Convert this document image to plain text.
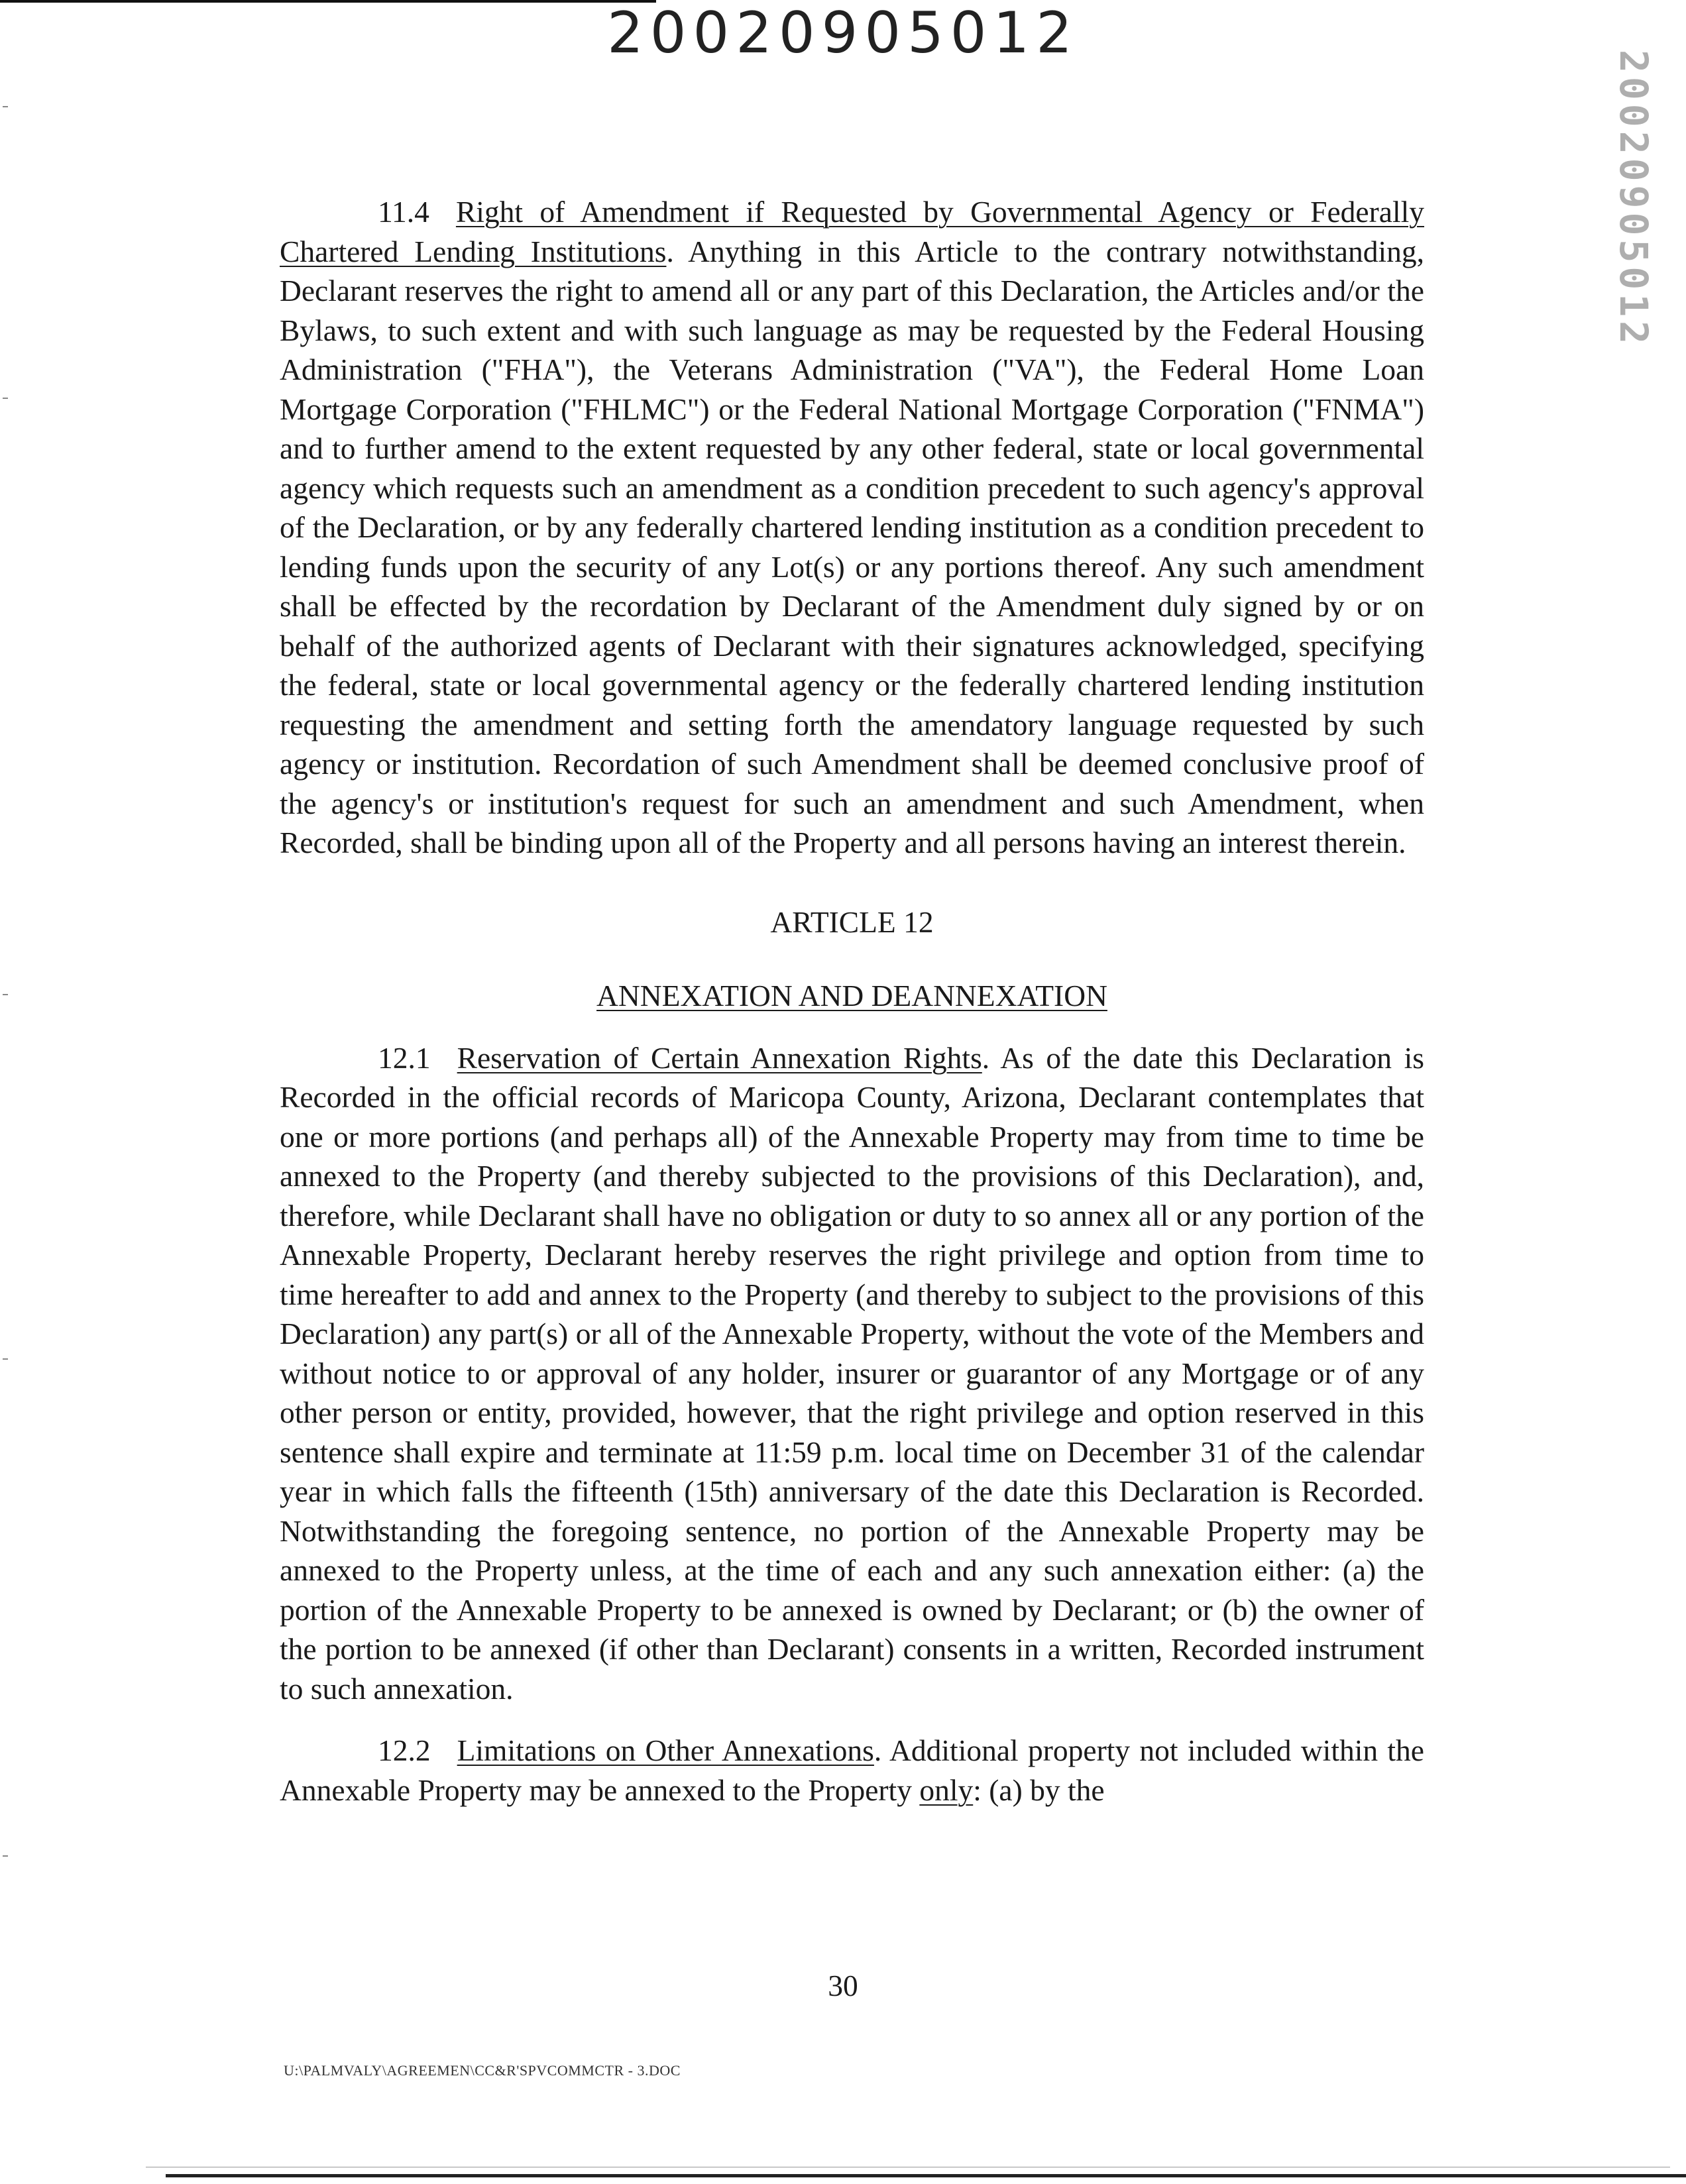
20020905012
20020905012

11.4 Right of Amendment if Requested by Governmental Agency or Federally Chartered Lending Institutions. Anything in this Article to the contrary notwithstanding, Declarant reserves the right to amend all or any part of this Declaration, the Articles and/or the Bylaws, to such extent and with such language as may be requested by the Federal Housing Administration ("FHA"), the Veterans Administration ("VA"), the Federal Home Loan Mortgage Corporation ("FHLMC") or the Federal National Mortgage Corporation ("FNMA") and to further amend to the extent requested by any other federal, state or local governmental agency which requests such an amendment as a condition precedent to such agency's approval of the Declaration, or by any federally chartered lending institution as a condition precedent to lending funds upon the security of any Lot(s) or any portions thereof. Any such amendment shall be effected by the recordation by Declarant of the Amendment duly signed by or on behalf of the authorized agents of Declarant with their signatures acknowledged, specifying the federal, state or local governmental agency or the federally chartered lending institution requesting the amendment and setting forth the amendatory language requested by such agency or institution. Recordation of such Amendment shall be deemed conclusive proof of the agency's or institution's request for such an amendment and such Amendment, when Recorded, shall be binding upon all of the Property and all persons having an interest therein.

ARTICLE 12

ANNEXATION AND DEANNEXATION

12.1 Reservation of Certain Annexation Rights. As of the date this Declaration is Recorded in the official records of Maricopa County, Arizona, Declarant contemplates that one or more portions (and perhaps all) of the Annexable Property may from time to time be annexed to the Property (and thereby subjected to the provisions of this Declaration), and, therefore, while Declarant shall have no obligation or duty to so annex all or any portion of the Annexable Property, Declarant hereby reserves the right privilege and option from time to time hereafter to add and annex to the Property (and thereby to subject to the provisions of this Declaration) any part(s) or all of the Annexable Property, without the vote of the Members and without notice to or approval of any holder, insurer or guarantor of any Mortgage or of any other person or entity, provided, however, that the right privilege and option reserved in this sentence shall expire and terminate at 11:59 p.m. local time on December 31 of the calendar year in which falls the fifteenth (15th) anniversary of the date this Declaration is Recorded. Notwithstanding the foregoing sentence, no portion of the Annexable Property may be annexed to the Property unless, at the time of each and any such annexation either: (a) the portion of the Annexable Property to be annexed is owned by Declarant; or (b) the owner of the portion to be annexed (if other than Declarant) consents in a written, Recorded instrument to such annexation.

12.2 Limitations on Other Annexations. Additional property not included within the Annexable Property may be annexed to the Property only: (a) by the

30
U:\PALMVALY\AGREEMEN\CC&R'SPVCOMMCTR - 3.DOC
